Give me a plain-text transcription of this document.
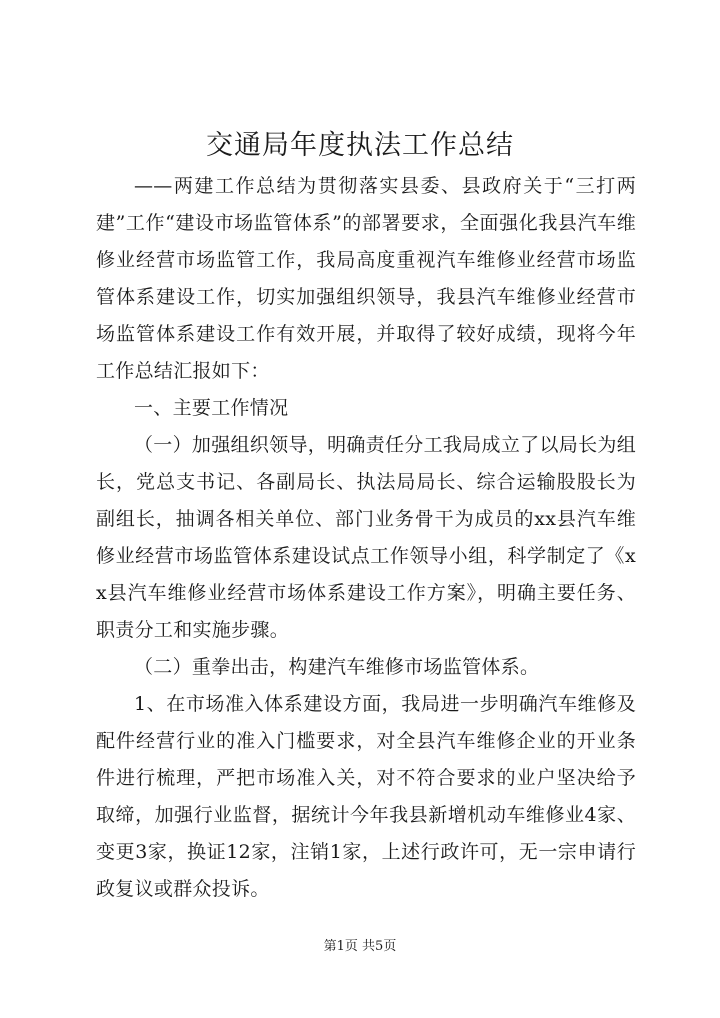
交通局年度执法工作总结

——两建工作总结为贯彻落实县委、县政府关于“三打两建”工作“建设市场监管体系”的部署要求，全面强化我县汽车维修业经营市场监管工作，我局高度重视汽车维修业经营市场监管体系建设工作，切实加强组织领导，我县汽车维修业经营市场监管体系建设工作有效开展，并取得了较好成绩，现将今年工作总结汇报如下：

一、主要工作情况

（一）加强组织领导，明确责任分工我局成立了以局长为组长，党总支书记、各副局长、执法局局长、综合运输股股长为副组长，抽调各相关单位、部门业务骨干为成员的xx县汽车维修业经营市场监管体系建设试点工作领导小组，科学制定了《xx县汽车维修业经营市场体系建设工作方案》，明确主要任务、职责分工和实施步骤。

（二）重拳出击，构建汽车维修市场监管体系。

1、在市场准入体系建设方面，我局进一步明确汽车维修及配件经营行业的准入门槛要求，对全县汽车维修企业的开业条件进行梳理，严把市场准入关，对不符合要求的业户坚决给予取缔，加强行业监督，据统计今年我县新增机动车维修业4家、变更3家，换证12家，注销1家，上述行政许可，无一宗申请行政复议或群众投诉。

第1页 共5页
